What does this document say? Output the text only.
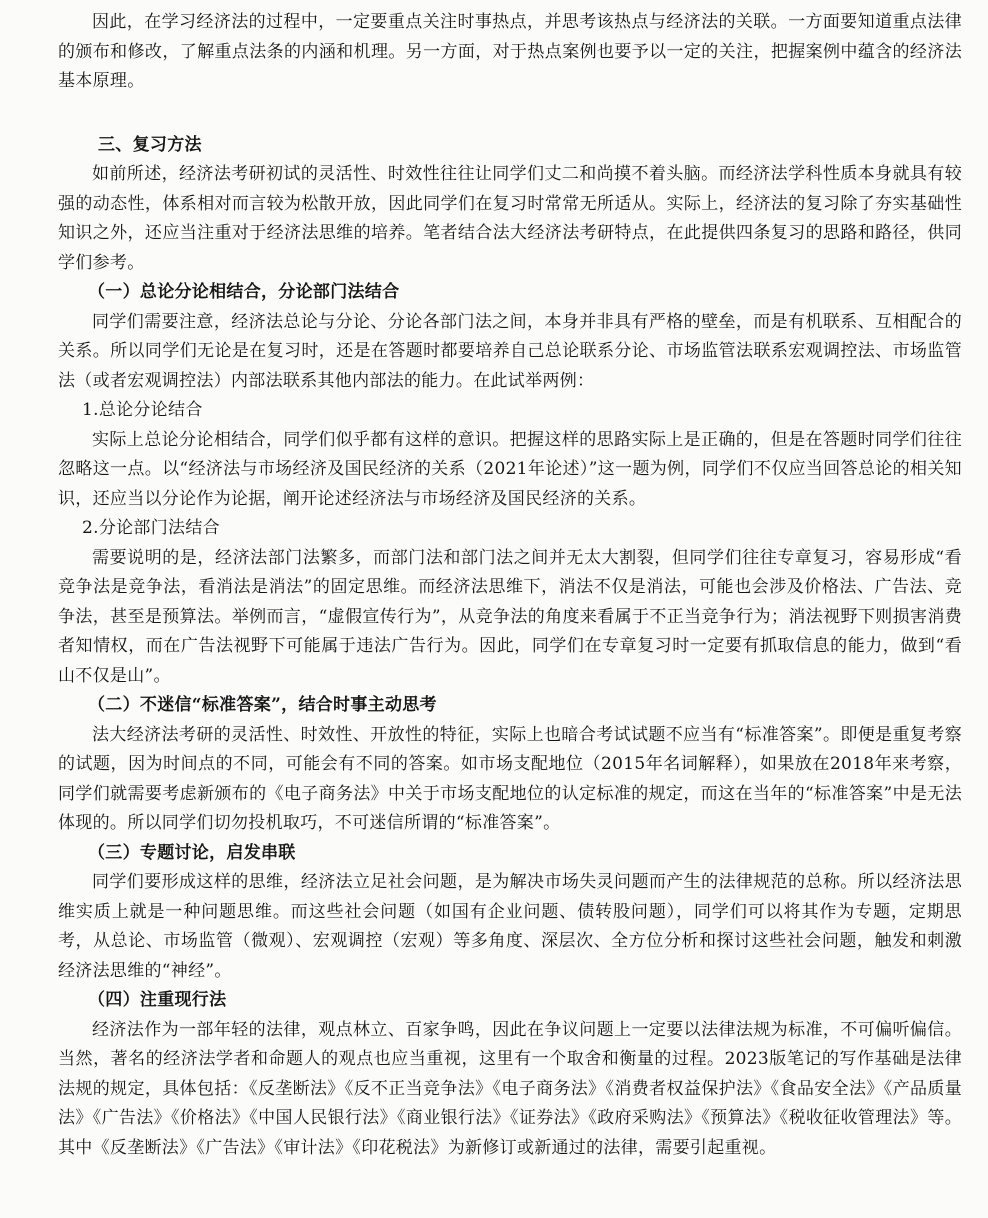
因此，在学习经济法的过程中，一定要重点关注时事热点，并思考该热点与经济法的关联。一方面要知道重点法律的颁布和修改，了解重点法条的内涵和机理。另一方面，对于热点案例也要予以一定的关注，把握案例中蕴含的经济法基本原理。

三、复习方法

如前所述，经济法考研初试的灵活性、时效性往往让同学们丈二和尚摸不着头脑。而经济法学科性质本身就具有较强的动态性，体系相对而言较为松散开放，因此同学们在复习时常常无所适从。实际上，经济法的复习除了夯实基础性知识之外，还应当注重对于经济法思维的培养。笔者结合法大经济法考研特点，在此提供四条复习的思路和路径，供同学们参考。

（一）总论分论相结合，分论部门法结合

同学们需要注意，经济法总论与分论、分论各部门法之间，本身并非具有严格的壁垒，而是有机联系、互相配合的关系。所以同学们无论是在复习时，还是在答题时都要培养自己总论联系分论、市场监管法联系宏观调控法、市场监管法（或者宏观调控法）内部法联系其他内部法的能力。在此试举两例：

1.总论分论结合

实际上总论分论相结合，同学们似乎都有这样的意识。把握这样的思路实际上是正确的，但是在答题时同学们往往忽略这一点。以“经济法与市场经济及国民经济的关系（2021年论述）”这一题为例，同学们不仅应当回答总论的相关知识，还应当以分论作为论据，阐开论述经济法与市场经济及国民经济的关系。

2.分论部门法结合

需要说明的是，经济法部门法繁多，而部门法和部门法之间并无太大割裂，但同学们往往专章复习，容易形成“看竞争法是竞争法，看消法是消法”的固定思维。而经济法思维下，消法不仅是消法，可能也会涉及价格法、广告法、竞争法，甚至是预算法。举例而言，“虚假宣传行为”，从竞争法的角度来看属于不正当竞争行为；消法视野下则损害消费者知情权，而在广告法视野下可能属于违法广告行为。因此，同学们在专章复习时一定要有抓取信息的能力，做到“看山不仅是山”。

（二）不迷信“标准答案”，结合时事主动思考

法大经济法考研的灵活性、时效性、开放性的特征，实际上也暗合考试试题不应当有“标准答案”。即便是重复考察的试题，因为时间点的不同，可能会有不同的答案。如市场支配地位（2015年名词解释），如果放在2018年来考察，同学们就需要考虑新颁布的《电子商务法》中关于市场支配地位的认定标准的规定，而这在当年的“标准答案”中是无法体现的。所以同学们切勿投机取巧，不可迷信所谓的“标准答案”。

（三）专题讨论，启发串联

同学们要形成这样的思维，经济法立足社会问题，是为解决市场失灵问题而产生的法律规范的总称。所以经济法思维实质上就是一种问题思维。而这些社会问题（如国有企业问题、债转股问题），同学们可以将其作为专题，定期思考，从总论、市场监管（微观）、宏观调控（宏观）等多角度、深层次、全方位分析和探讨这些社会问题，触发和刺激经济法思维的“神经”。

（四）注重现行法

经济法作为一部年轻的法律，观点林立、百家争鸣，因此在争议问题上一定要以法律法规为标准，不可偏听偏信。当然，著名的经济法学者和命题人的观点也应当重视，这里有一个取舍和衡量的过程。2023版笔记的写作基础是法律法规的规定，具体包括：《反垄断法》《反不正当竞争法》《电子商务法》《消费者权益保护法》《食品安全法》《产品质量法》《广告法》《价格法》《中国人民银行法》《商业银行法》《证券法》《政府采购法》《预算法》《税收征收管理法》等。其中《反垄断法》《广告法》《审计法》《印花税法》为新修订或新通过的法律，需要引起重视。
